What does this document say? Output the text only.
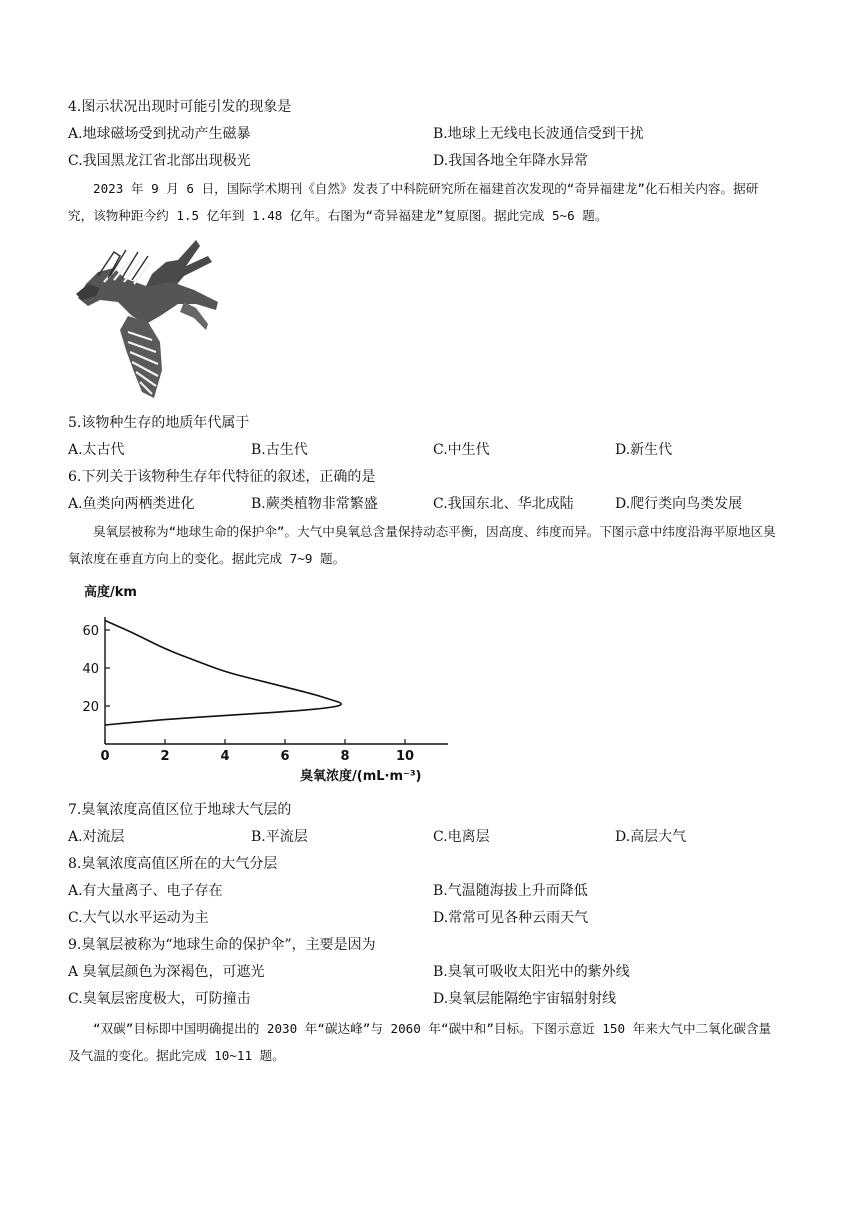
4.图示状况出现时可能引发的现象是
A.地球磁场受到扰动产生磁暴	B.地球上无线电长波通信受到干扰
C.我国黑龙江省北部出现极光	D.我国各地全年降水异常
2023 年 9 月 6 日，国际学术期刊《自然》发表了中科院研究所在福建首次发现的“奇异福建龙”化石相关内容。据研究，该物种距今约 1.5 亿年到 1.48 亿年。右图为“奇异福建龙”复原图。据此完成 5~6 题。
5.该物种生存的地质年代属于
A.太古代	B.古生代	C.中生代	D.新生代
6.下列关于该物种生存年代特征的叙述，正确的是
A.鱼类向两栖类进化	B.蕨类植物非常繁盛	C.我国东北、华北成陆	D.爬行类向鸟类发展
臭氧层被称为“地球生命的保护伞”。大气中臭氧总含量保持动态平衡，因高度、纬度而异。下图示意中纬度沿海平原地区臭氧浓度在垂直方向上的变化。据此完成 7~9 题。
高度/km
臭氧浓度/(mL·m⁻³)
0	2	4	6	8	10
20
40
60
7.臭氧浓度高值区位于地球大气层的
A.对流层	B.平流层	C.电离层	D.高层大气
8.臭氧浓度高值区所在的大气分层
A.有大量离子、电子存在	B.气温随海拔上升而降低
C.大气以水平运动为主	D.常常可见各种云雨天气
9.臭氧层被称为“地球生命的保护伞”，主要是因为
A 臭氧层颜色为深褐色，可遮光	B.臭氧可吸收太阳光中的紫外线
C.臭氧层密度极大，可防撞击	D.臭氧层能隔绝宇宙辐射射线
“双碳”目标即中国明确提出的 2030 年“碳达峰”与 2060 年“碳中和”目标。下图示意近 150 年来大气中二氧化碳含量及气温的变化。据此完成 10~11 题。
